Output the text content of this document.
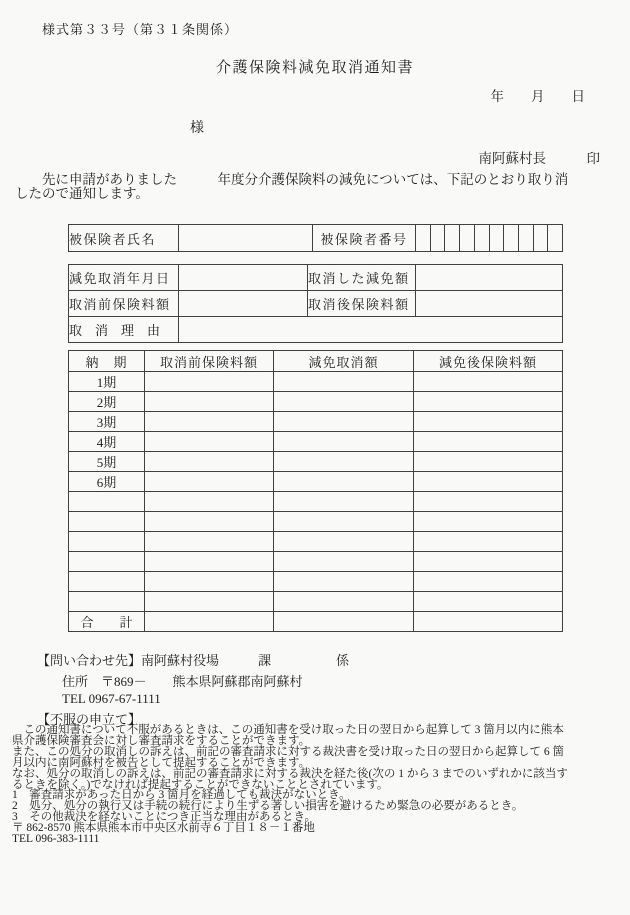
様式第３３号（第３１条関係）
介護保険料減免取消通知書
年　　月　　日
様
南阿蘇村長　　　印
　　先に申請がありました　　　年度分介護保険料の減免については、下記のとおり取り消
したので通知します。
被保険者氏名		被保険者番号	
減免取消年月日		取消した減免額	
取消前保険料額		取消後保険料額	
取　消　理　由			
納　期	取消前保険料額	減免取消額	減免後保険料額
1期			
2期			
3期			
4期			
5期			
6期			

合　　計			
【問い合わせ先】南阿蘇村役場　　　課　　　　　係
住所　〒869－　　熊本県阿蘇郡南阿蘇村
TEL 0967-67-1111
【不服の申立て】
　この通知書について不服があるときは、この通知書を受け取った日の翌日から起算して 3 箇月以内に熊本
県介護保険審査会に対し審査請求をすることができます。
また、この処分の取消しの訴えは、前記の審査請求に対する裁決書を受け取った日の翌日から起算して 6 箇
月以内に南阿蘇村を被告として提起することができます。
なお、処分の取消しの訴えは、前記の審査請求に対する裁決を経た後(次の 1 から 3 までのいずれかに該当す
るときを除く。)でなければ提起することができないこととされています。
1　審査請求があった日から 3 箇月を経過しても裁決がないとき。
2　処分、処分の執行又は手続の続行により生ずる著しい損害を避けるため緊急の必要があるとき。
3　その他裁決を経ないことにつき正当な理由があるとき。
〒 862-8570 熊本県熊本市中央区水前寺６丁目１８－１番地
TEL 096-383-1111
